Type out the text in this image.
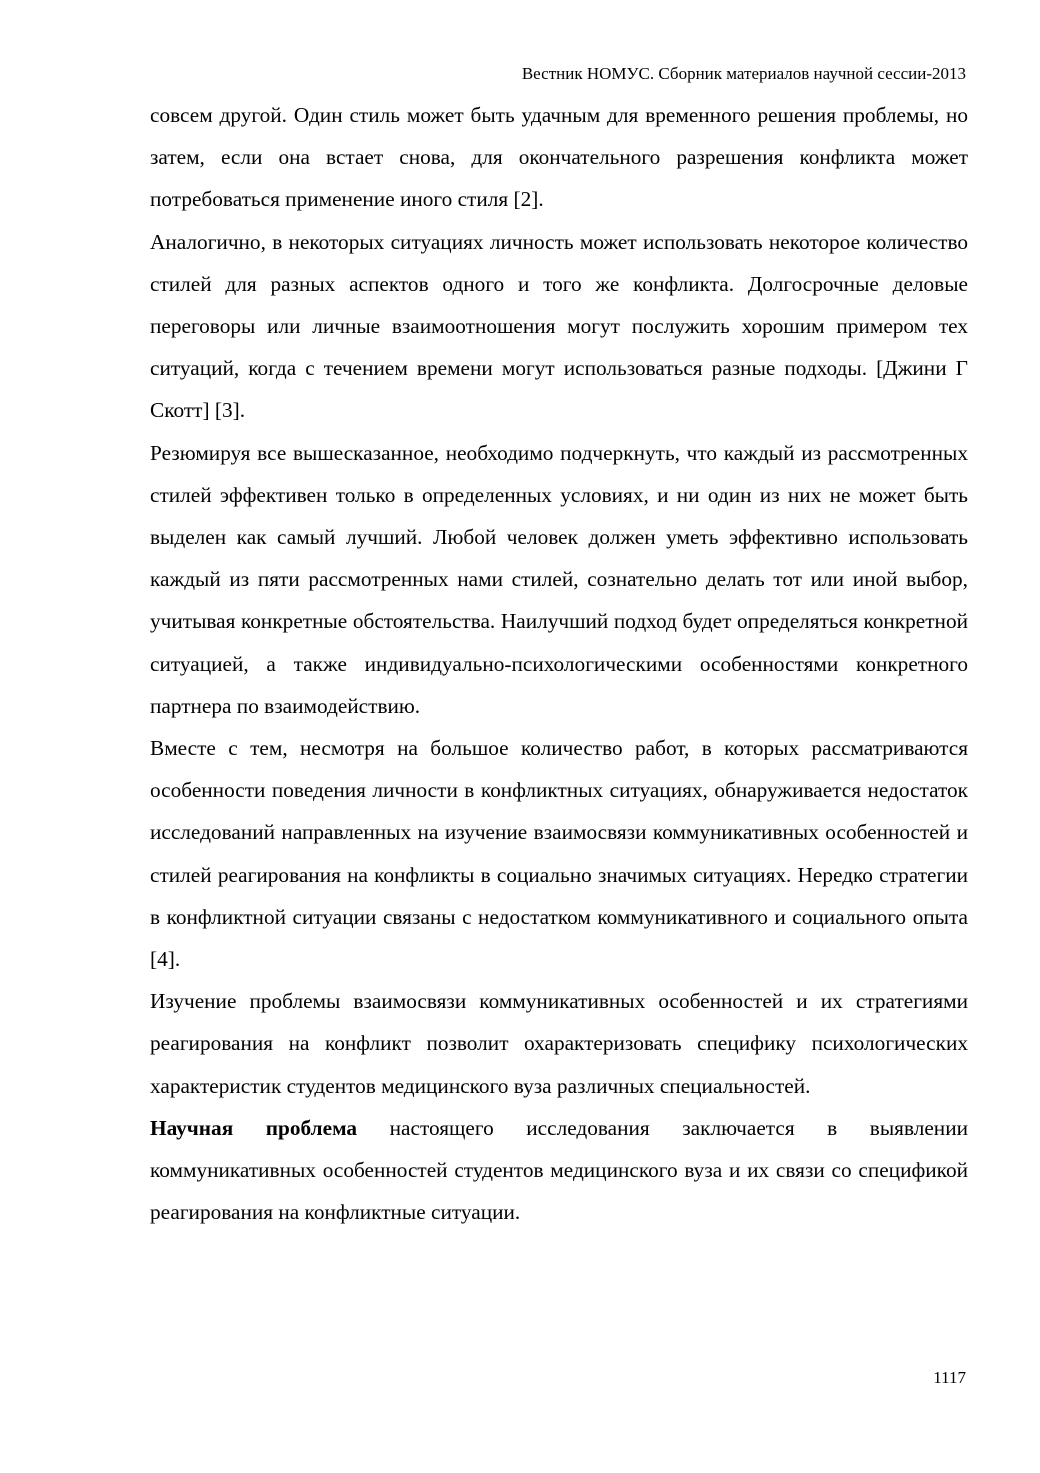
Вестник НОМУС. Сборник материалов научной сессии-2013

совсем другой. Один стиль может быть удачным для временного решения проблемы, но затем, если она встает снова, для окончательного разрешения конфликта может потребоваться применение иного стиля [2].

Аналогично, в некоторых ситуациях личность может использовать некоторое количество стилей для разных аспектов одного и того же конфликта. Долгосрочные деловые переговоры или личные взаимоотношения могут послужить хорошим примером тех ситуаций, когда с течением времени могут использоваться разные подходы. [Джини Г Скотт] [3].

Резюмируя все вышесказанное, необходимо подчеркнуть, что каждый из рассмотренных стилей эффективен только в определенных условиях, и ни один из них не может быть выделен как самый лучший. Любой человек должен уметь эффективно использовать каждый из пяти рассмотренных нами стилей, сознательно делать тот или иной выбор, учитывая конкретные обстоятельства. Наилучший подход будет определяться конкретной ситуацией, а также индивидуально-психологическими особенностями конкретного партнера по взаимодействию.

Вместе с тем, несмотря на большое количество работ, в которых рассматриваются особенности поведения личности в конфликтных ситуациях, обнаруживается недостаток исследований направленных на изучение взаимосвязи коммуникативных особенностей и стилей реагирования на конфликты в социально значимых ситуациях. Нередко стратегии в конфликтной ситуации связаны с недостатком коммуникативного и социального опыта [4].

Изучение проблемы взаимосвязи коммуникативных особенностей и их стратегиями реагирования на конфликт позволит охарактеризовать специфику психологических характеристик студентов медицинского вуза различных специальностей.

Научная проблема настоящего исследования заключается в выявлении коммуникативных особенностей студентов медицинского вуза и их связи со спецификой реагирования на конфликтные ситуации.

1117
